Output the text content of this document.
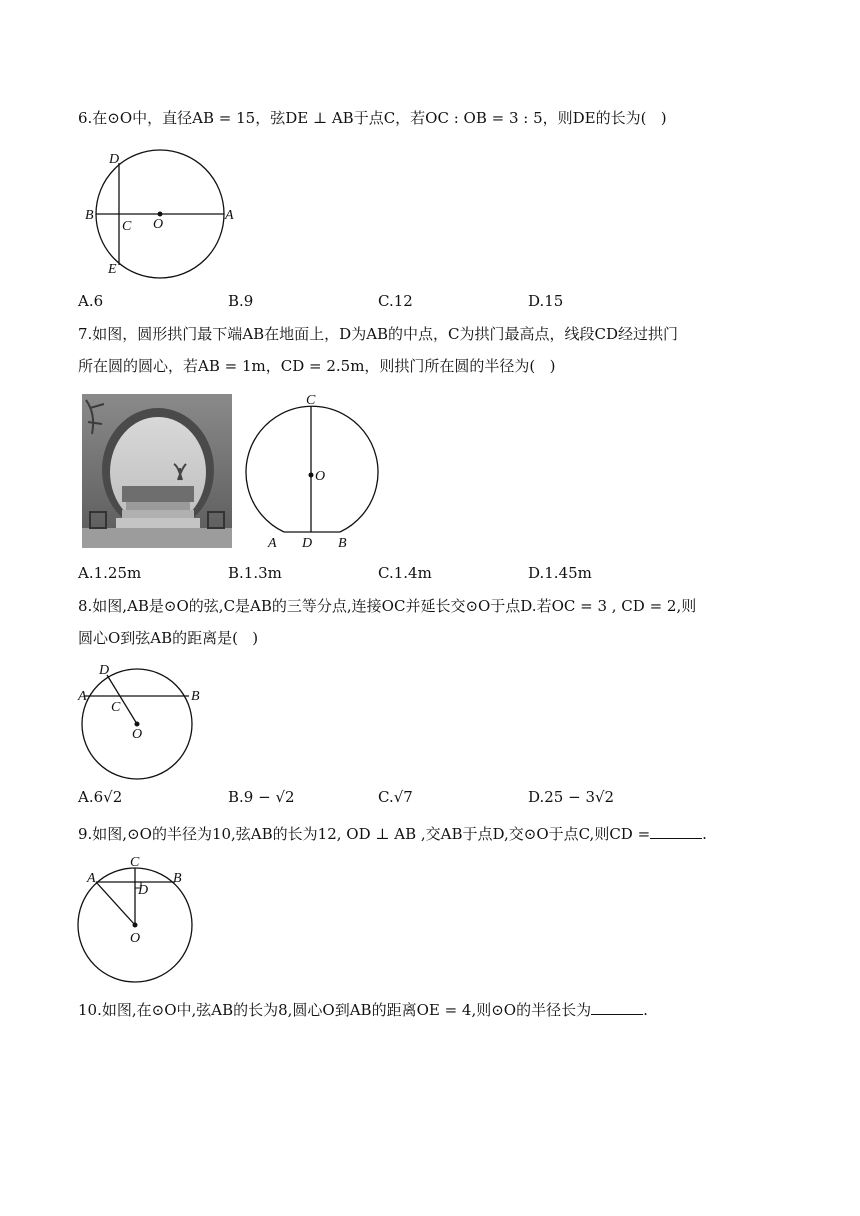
6.在⊙O中，直径AB = 15，弦DE ⊥ AB于点C，若OC : OB = 3 : 5，则DE的长为(   )
D
B
C O
A
E
A.6	B.9	C.12	D.15
7.如图，圆形拱门最下端AB在地面上，D为AB的中点，C为拱门最高点，线段CD经过拱门
所在圆的圆心，若AB = 1m，CD = 2.5m，则拱门所在圆的半径为(   )
C
O
A D B
A.1.25m	B.1.3m	C.1.4m	D.1.45m
8.如图,AB是⊙O的弦,C是AB的三等分点,连接OC并延长交⊙O于点D.若OC = 3 , CD = 2,则
圆心O到弦AB的距离是(   )
D
A	B
C
O
A.6√2	B.9 − √2	C.√7	D.25 − 3√2
9.如图,⊙O的半径为10,弦AB的长为12, OD ⊥ AB ,交AB于点D,交⊙O于点C,则CD =	.
C
A	B
D
O
10.如图,在⊙O中,弦AB的长为8,圆心O到AB的距离OE = 4,则⊙O的半径长为	.
